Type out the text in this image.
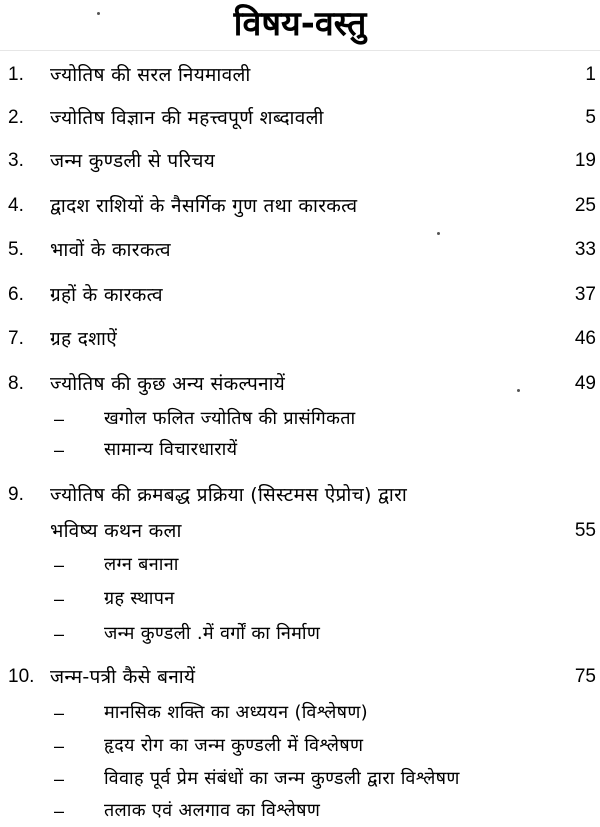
विषय-वस्तु
1. ज्योतिष की सरल नियमावली	1
2. ज्योतिष विज्ञान की महत्त्वपूर्ण शब्दावली	5
3. जन्म कुण्डली से परिचय	19
4. द्वादश राशियों के नैसर्गिक गुण तथा कारकत्व	25
5. भावों के कारकत्व	33
6. ग्रहों के कारकत्व	37
7. ग्रह दशाऐं	46
8. ज्योतिष की कुछ अन्य संकल्पनायें	49
– खगोल फलित ज्योतिष की प्रासंगिकता
– सामान्य विचारधारायें
9. ज्योतिष की क्रमबद्ध प्रक्रिया (सिस्टमस ऐप्रोच) द्वारा
भविष्य कथन कला	55
– लग्न बनाना
– ग्रह स्थापन
– जन्म कुण्डली .में वर्गों का निर्माण
10. जन्म-पत्री कैसे बनायें	75
– मानसिक शक्ति का अध्ययन (विश्लेषण)
– हृदय रोग का जन्म कुण्डली में विश्लेषण
– विवाह पूर्व प्रेम संबंधों का जन्म कुण्डली द्वारा विश्लेषण
– तलाक एवं अलगाव का विश्लेषण
